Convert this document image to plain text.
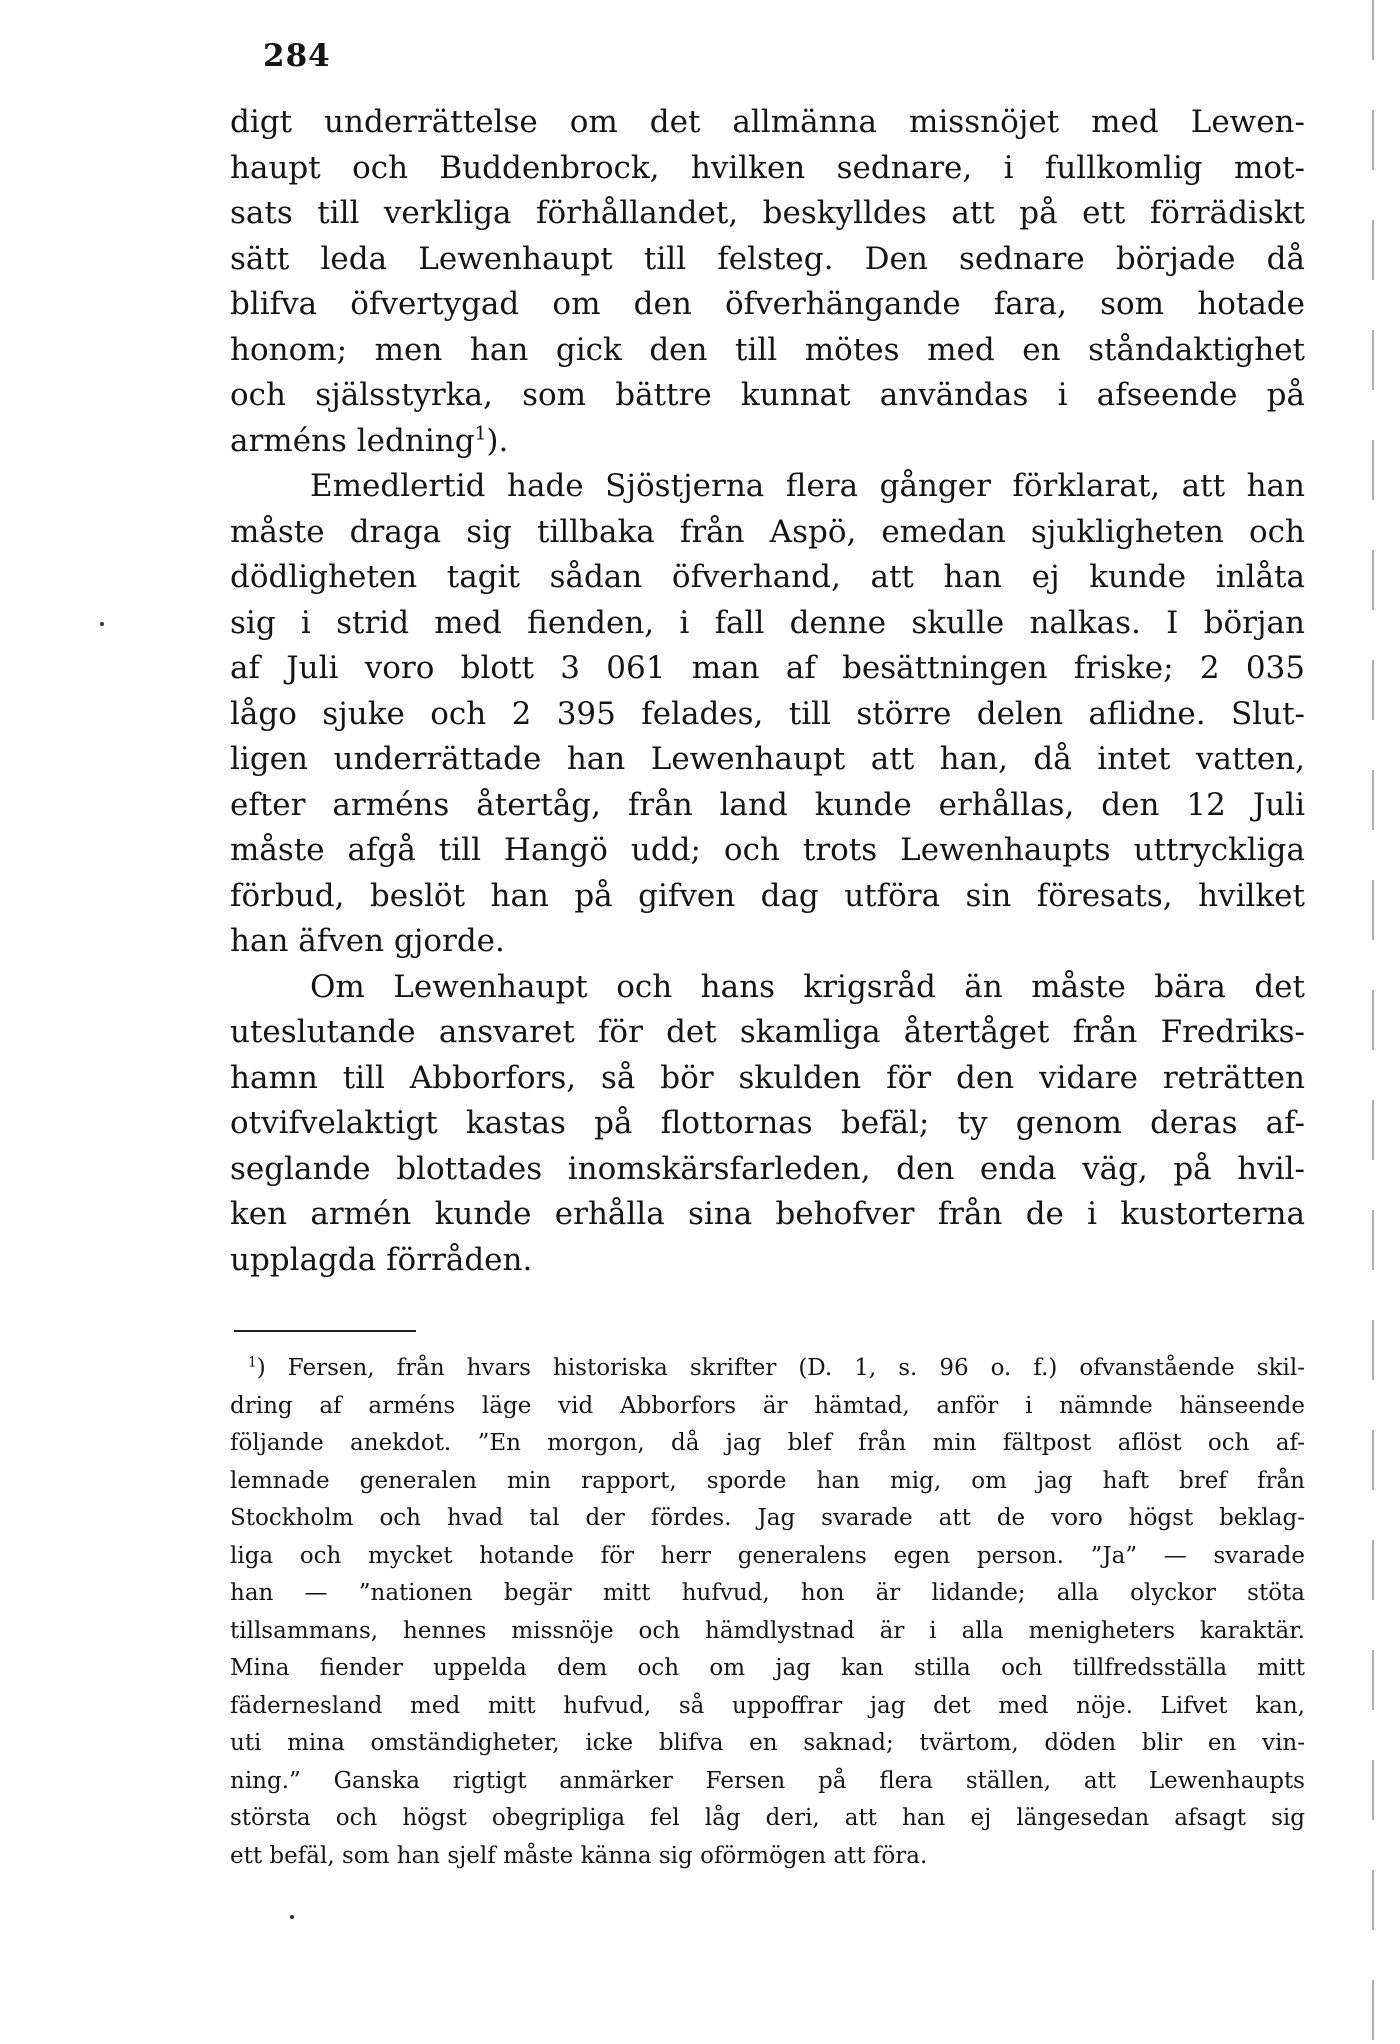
284
digt underrättelse om det allmänna missnöjet med Lewen-
haupt och Buddenbrock, hvilken sednare, i fullkomlig mot-
sats till verkliga förhållandet, beskylldes att på ett förrädiskt
sätt leda Lewenhaupt till felsteg. Den sednare började då
blifva öfvertygad om den öfverhängande fara, som hotade
honom; men han gick den till mötes med en ståndaktighet
och själsstyrka, som bättre kunnat användas i afseende på
arméns ledning$^1$).
Emedlertid hade Sjöstjerna flera gånger förklarat, att han
måste draga sig tillbaka från Aspö, emedan sjukligheten och
dödligheten tagit sådan öfverhand, att han ej kunde inlåta
sig i strid med fienden, i fall denne skulle nalkas. I början
af Juli voro blott 3 061 man af besättningen friske; 2 035
lågo sjuke och 2 395 felades, till större delen aflidne. Slut-
ligen underrättade han Lewenhaupt att han, då intet vatten,
efter arméns återtåg, från land kunde erhållas, den 12 Juli
måste afgå till Hangö udd; och trots Lewenhaupts uttryckliga
förbud, beslöt han på gifven dag utföra sin föresats, hvilket
han äfven gjorde.
Om Lewenhaupt och hans krigsråd än måste bära det
uteslutande ansvaret för det skamliga återtåget från Fredriks-
hamn till Abborfors, så bör skulden för den vidare reträtten
otvifvelaktigt kastas på flottornas befäl; ty genom deras af-
seglande blottades inomskärsfarleden, den enda väg, på hvil-
ken armén kunde erhålla sina behofver från de i kustorterna
upplagda förråden.
$^1$) Fersen, från hvars historiska skrifter (D. 1, s. 96 o. f.) ofvanstående skil-
dring af arméns läge vid Abborfors är hämtad, anför i nämnde hänseende
följande anekdot. ”En morgon, då jag blef från min fältpost aflöst och af-
lemnade generalen min rapport, sporde han mig, om jag haft bref från
Stockholm och hvad tal der fördes. Jag svarade att de voro högst beklag-
liga och mycket hotande för herr generalens egen person. ”Ja” — svarade
han — ”nationen begär mitt hufvud, hon är lidande; alla olyckor stöta
tillsammans, hennes missnöje och hämdlystnad är i alla menigheters karaktär.
Mina fiender uppelda dem och om jag kan stilla och tillfredsställa mitt
fädernesland med mitt hufvud, så uppoffrar jag det med nöje. Lifvet kan,
uti mina omständigheter, icke blifva en saknad; tvärtom, döden blir en vin-
ning.” Ganska rigtigt anmärker Fersen på flera ställen, att Lewenhaupts
största och högst obegripliga fel låg deri, att han ej längesedan afsagt sig
ett befäl, som han sjelf måste känna sig oförmögen att föra.
